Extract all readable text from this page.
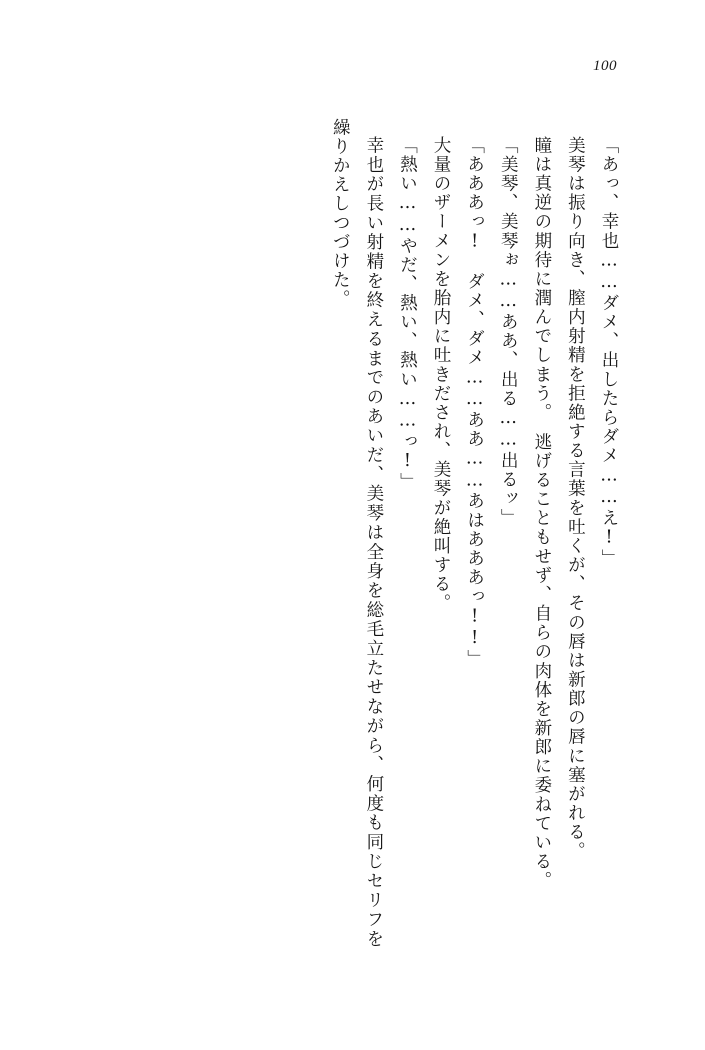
100
「あっ、幸也……ダメ、出したらダメ……え!」
美琴は振り向き、膣内射精を拒絶する言葉を吐くが、その唇は新郎の唇に塞がれる。
瞳は真逆の期待に潤んでしまう。　逃げることもせず、自らの肉体を新郎に委ねている。
「美琴、美琴ぉ……ああ、出る……出るッ」
「あああっ!　ダメ、ダメ……ああ……あはあああっ!!」
大量のザーメンを胎内に吐きだされ、美琴が絶叫する。
「熱い……やだ、熱い、熱い……っ!」
幸也が長い射精を終えるまでのあいだ、美琴は全身を総毛立たせながら、何度も同じセリフを繰りかえしつづけた。
